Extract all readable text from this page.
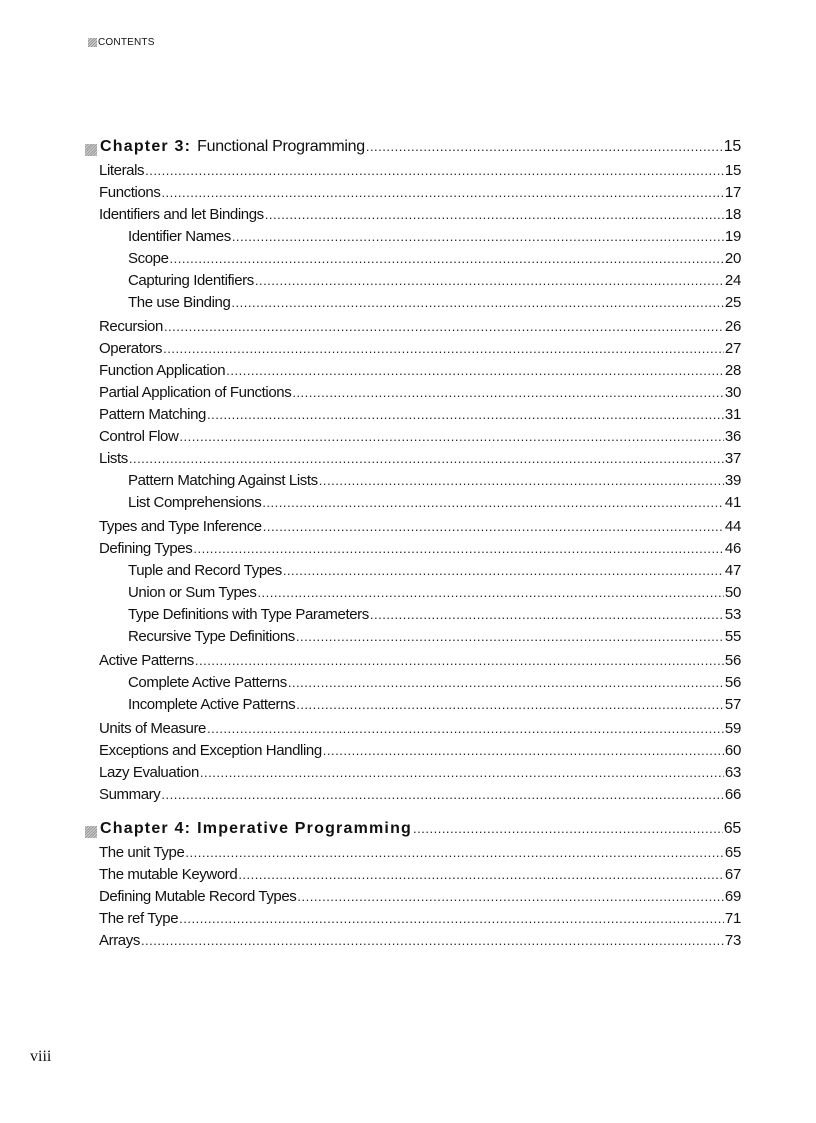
CONTENTS
Chapter 3: Functional Programming .....	15
Literals .....	15
Functions .....	17
Identifiers and let Bindings .....	18
Identifier Names .....	19
Scope .....	20
Capturing Identifiers .....	24
The use Binding .....	25
Recursion .....	26
Operators .....	27
Function Application .....	28
Partial Application of Functions .....	30
Pattern Matching .....	31
Control Flow .....	36
Lists .....	37
Pattern Matching Against Lists .....	39
List Comprehensions .....	41
Types and Type Inference .....	44
Defining Types .....	46
Tuple and Record Types .....	47
Union or Sum Types .....	50
Type Definitions with Type Parameters .....	53
Recursive Type Definitions .....	55
Active Patterns .....	56
Complete Active Patterns .....	56
Incomplete Active Patterns .....	57
Units of Measure .....	59
Exceptions and Exception Handling .....	60
Lazy Evaluation .....	63
Summary .....	66
Chapter 4: Imperative Programming .....	65
The unit Type .....	65
The mutable Keyword .....	67
Defining Mutable Record Types .....	69
The ref Type .....	71
Arrays .....	73
viii
